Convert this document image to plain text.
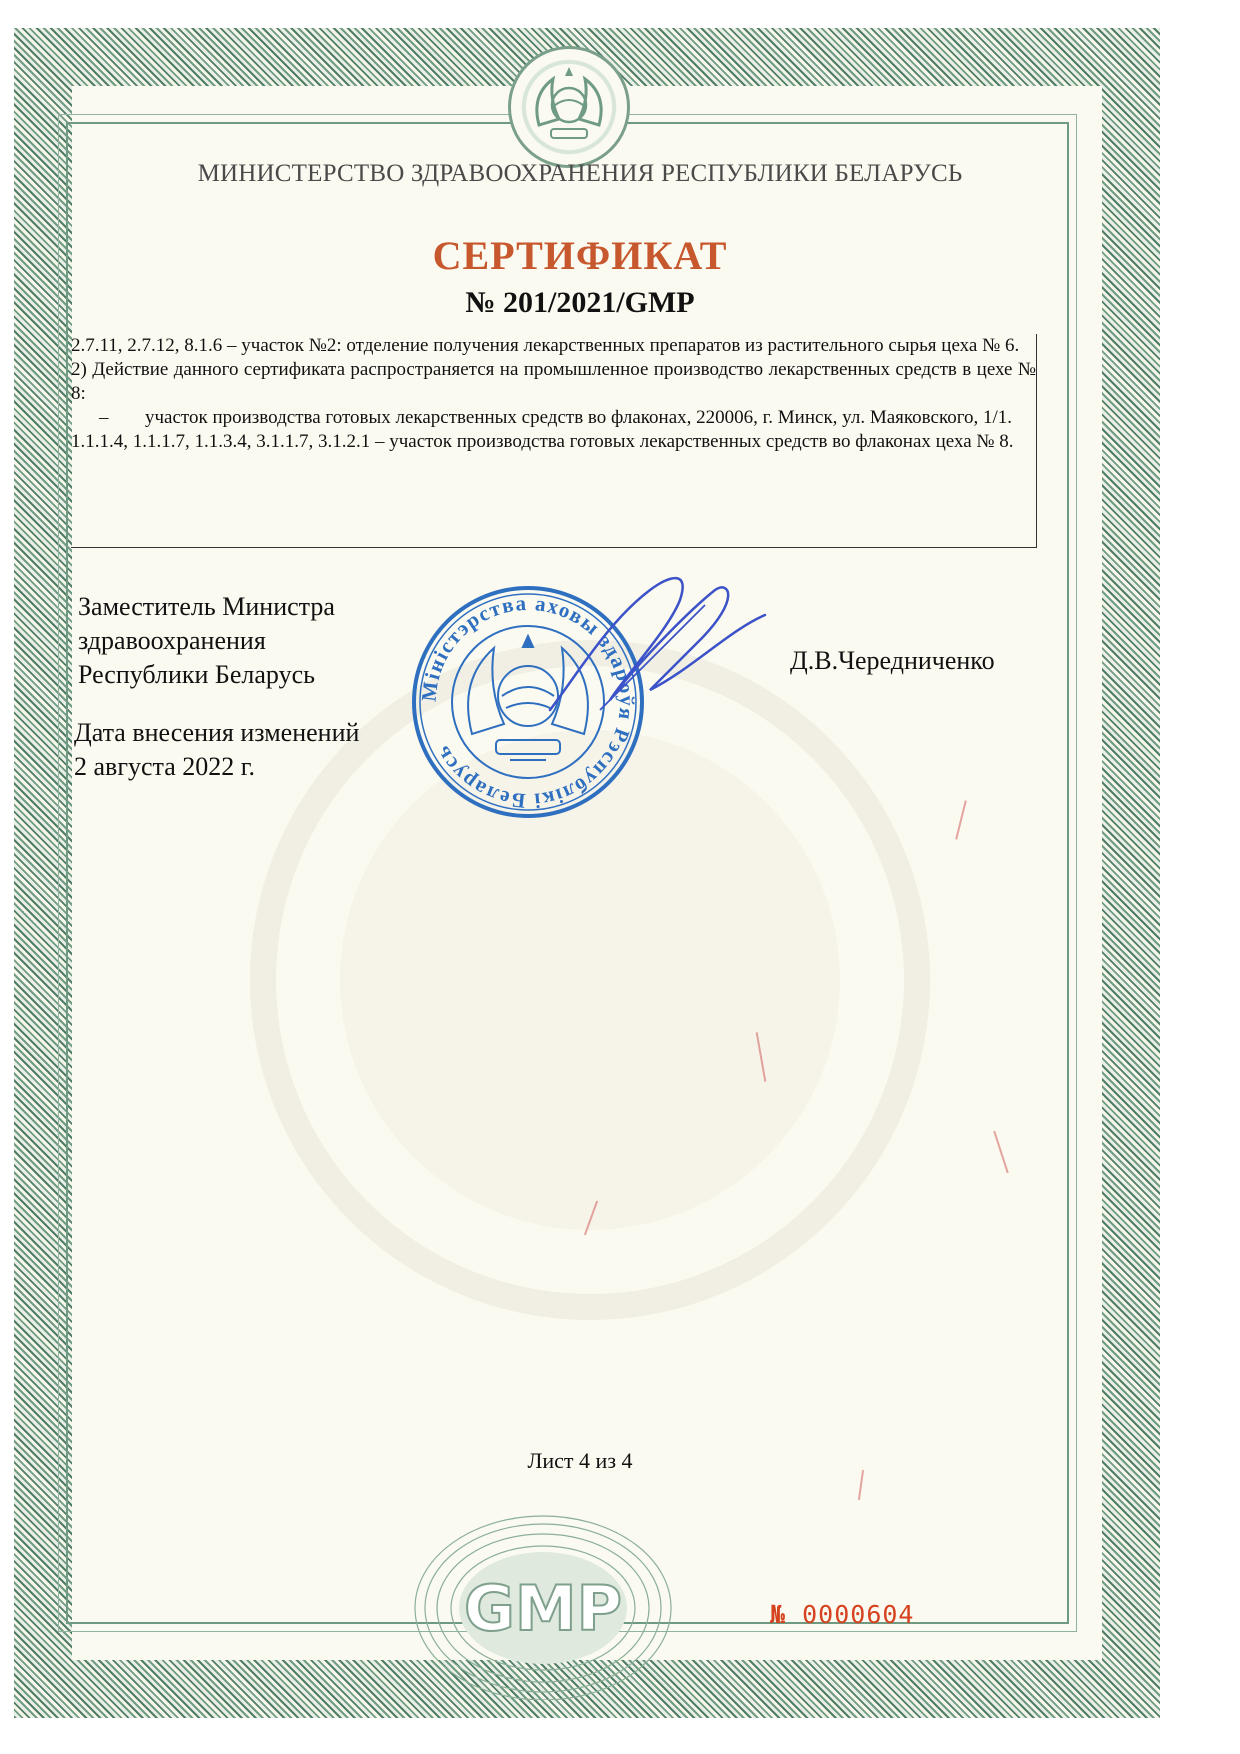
МИНИСТЕРСТВО ЗДРАВООХРАНЕНИЯ РЕСПУБЛИКИ БЕЛАРУСЬ
СЕРТИФИКАТ
№ 201/2021/GMP

2.7.11, 2.7.12, 8.1.6 – участок №2: отделение получения лекарственных препаратов из растительного сырья цеха № 6.

2) Действие данного сертификата распространяется на промышленное производство лекарственных средств в цехе № 8:

– участок производства готовых лекарственных средств во флаконах, 220006, г. Минск, ул. Маяковского, 1/1.

1.1.1.4, 1.1.1.7, 1.1.3.4, 3.1.1.7, 3.1.2.1 – участок производства готовых лекарственных средств во флаконах цеха № 8.

Заместитель Министра
здравоохранения
Республики Беларусь
Дата внесения изменений
2 августа 2022 г.
Д.В.Чередниченко
Міністэрства аховы здароўя Рэспублікі Беларусь
Лист 4 из 4
GMP	№ 0000604
